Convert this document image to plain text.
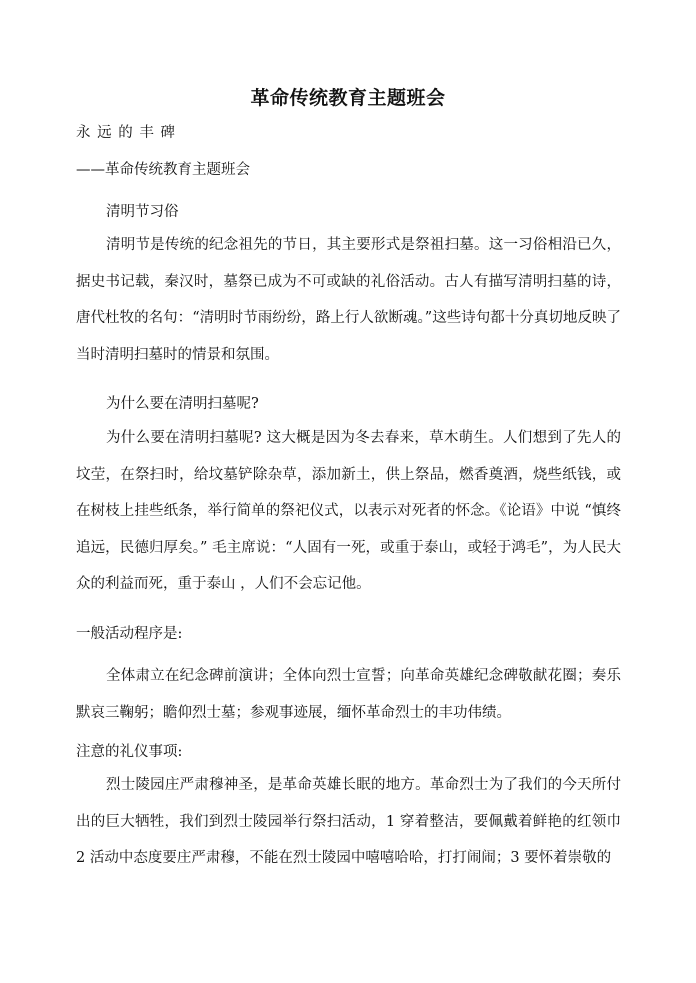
革命传统教育主题班会
永 远 的 丰 碑
——革命传统教育主题班会
清明节习俗
清明节是传统的纪念祖先的节日，其主要形式是祭祖扫墓。这一习俗相沿已久，据史书记载，秦汉时，墓祭已成为不可或缺的礼俗活动。古人有描写清明扫墓的诗，唐代杜牧的名句：“清明时节雨纷纷，路上行人欲断魂。”这些诗句都十分真切地反映了当时清明扫墓时的情景和氛围。
为什么要在清明扫墓呢?
为什么要在清明扫墓呢? 这大概是因为冬去春来，草木萌生。人们想到了先人的坟茔，在祭扫时，给坟墓铲除杂草，添加新土，供上祭品，燃香奠酒，烧些纸钱，或在树枝上挂些纸条，举行简单的祭祀仪式，以表示对死者的怀念。《论语》中说 “慎终追远，民德归厚矣。” 毛主席说：“人固有一死，或重于泰山，或轻于鸿毛”，为人民大众的利益而死，重于泰山 ，人们不会忘记他。
一般活动程序是:
全体肃立在纪念碑前演讲；全体向烈士宣誓；向革命英雄纪念碑敬献花圈；奏乐默哀三鞠躬；瞻仰烈士墓；参观事迹展，缅怀革命烈士的丰功伟绩。
注意的礼仪事项:
烈士陵园庄严肃穆神圣，是革命英雄长眠的地方。革命烈士为了我们的今天所付出的巨大牺牲，我们到烈士陵园举行祭扫活动，1 穿着整洁，要佩戴着鲜艳的红领巾 2 活动中态度要庄严肃穆，不能在烈士陵园中嘻嘻哈哈，打打闹闹；3 要怀着崇敬的
